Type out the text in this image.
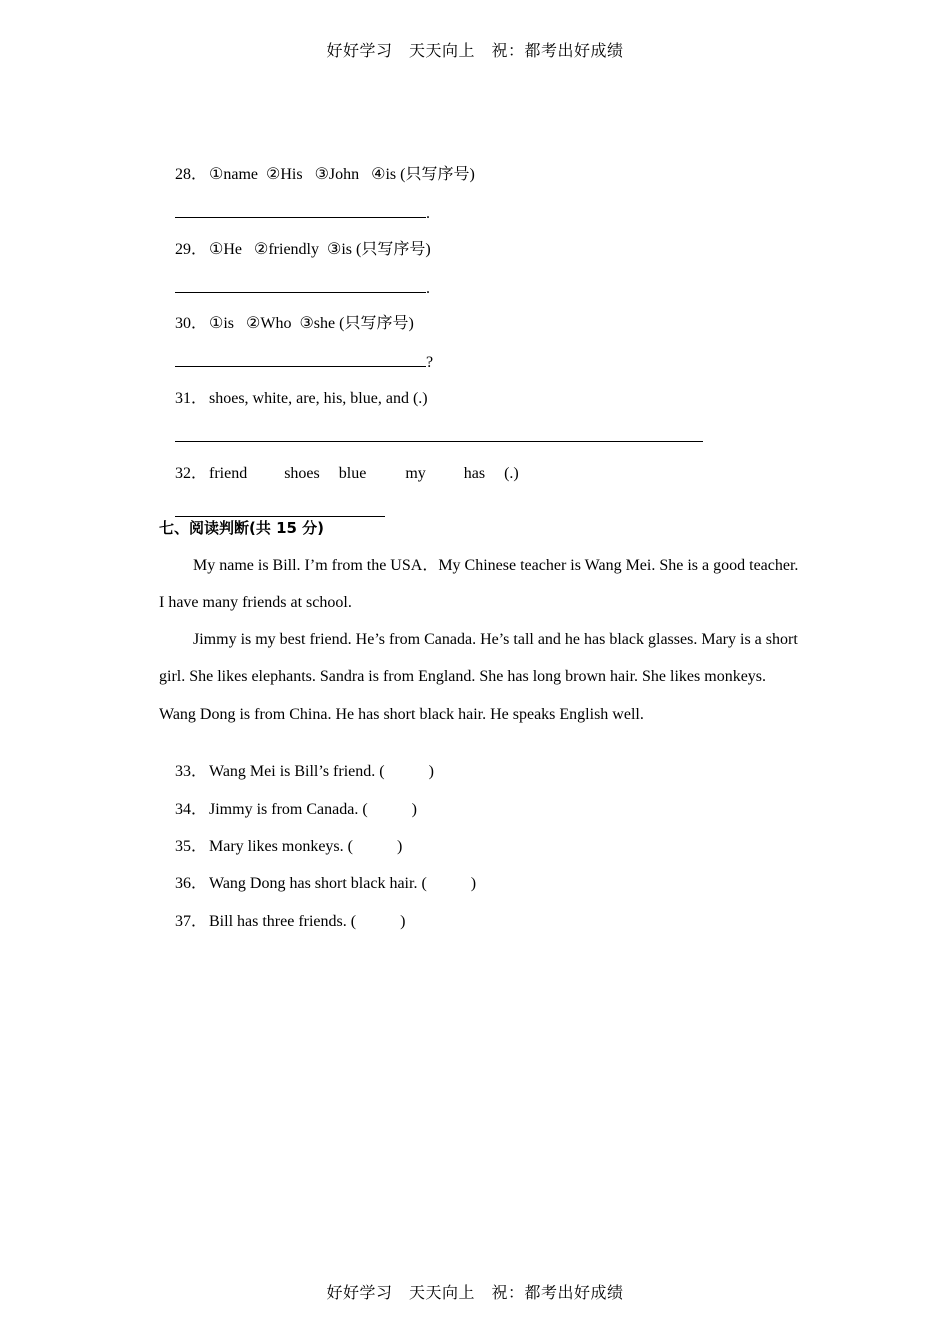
好好学习　天天向上　祝：都考出好成绩

28． ①name  ②His   ③John   ④is (只写序号)

.

29． ①He   ②friendly  ③is (只写序号)

.

30． ①is   ②Who  ③she (只写序号)

?

31． shoes, white, are, his, blue, and (.)

32． friend shoes blue my has (.)

七、阅读判断(共 15 分)
My name is Bill. I’m from the USA．My Chinese teacher is Wang Mei. She is a good teacher. I have many friends at school.
Jimmy is my best friend. He’s from Canada. He’s tall and he has black glasses. Mary is a short girl. She likes elephants. Sandra is from England. She has long brown hair. She likes monkeys. Wang Dong is from China. He has short black hair. He speaks English well.

33． Wang Mei is Bill’s friend. (	)

34． Jimmy is from Canada. (	)

35． Mary likes monkeys. (	)

36． Wang Dong has short black hair. (	)

37． Bill has three friends. (	)

好好学习　天天向上　祝：都考出好成绩
